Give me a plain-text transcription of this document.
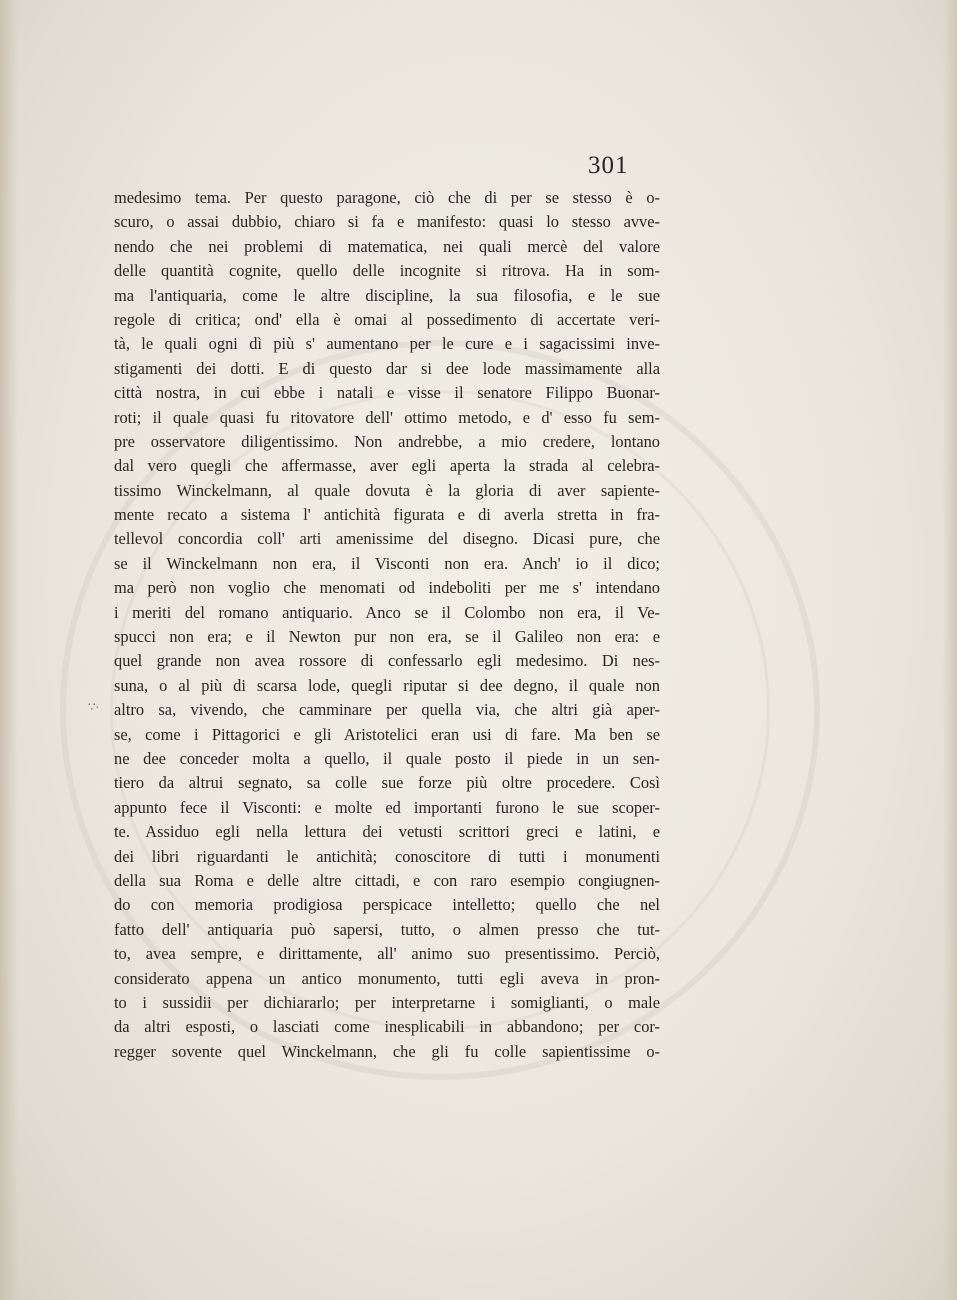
301
∵∙
medesimo tema. Per questo paragone, ciò che di per se stesso è o-
scuro, o assai dubbio, chiaro si fa e manifesto: quasi lo stesso avve-
nendo che nei problemi di matematica, nei quali mercè del valore
delle quantità cognite, quello delle incognite si ritrova. Ha in som-
ma l'antiquaria, come le altre discipline, la sua filosofia, e le sue
regole di critica; ond' ella è omai al possedimento di accertate veri-
tà, le quali ogni dì più s' aumentano per le cure e i sagacissimi inve-
stigamenti dei dotti. E di questo dar si dee lode massimamente alla
città nostra, in cui ebbe i natali e visse il senatore Filippo Buonar-
roti; il quale quasi fu ritovatore dell' ottimo metodo, e d' esso fu sem-
pre osservatore diligentissimo. Non andrebbe, a mio credere, lontano
dal vero quegli che affermasse, aver egli aperta la strada al celebra-
tissimo Winckelmann, al quale dovuta è la gloria di aver sapiente-
mente recato a sistema l' antichità figurata e di averla stretta in fra-
tellevol concordia coll' arti amenissime del disegno. Dicasi pure, che
se il Winckelmann non era, il Visconti non era. Anch' io il dico;
ma però non voglio che menomati od indeboliti per me s' intendano
i meriti del romano antiquario. Anco se il Colombo non era, il Ve-
spucci non era; e il Newton pur non era, se il Galileo non era: e
quel grande non avea rossore di confessarlo egli medesimo. Di nes-
suna, o al più di scarsa lode, quegli riputar si dee degno, il quale non
altro sa, vivendo, che camminare per quella via, che altri già aper-
se, come i Pittagorici e gli Aristotelici eran usi di fare. Ma ben se
ne dee conceder molta a quello, il quale posto il piede in un sen-
tiero da altrui segnato, sa colle sue forze più oltre procedere. Così
appunto fece il Visconti: e molte ed importanti furono le sue scoper-
te. Assiduo egli nella lettura dei vetusti scrittori greci e latini, e
dei libri riguardanti le antichità; conoscitore di tutti i monumenti
della sua Roma e delle altre cittadi, e con raro esempio congiugnen-
do con memoria prodigiosa perspicace intelletto; quello che nel
fatto dell' antiquaria può sapersi, tutto, o almen presso che tut-
to, avea sempre, e dirittamente, all' animo suo presentissimo. Perciò,
considerato appena un antico monumento, tutti egli aveva in pron-
to i sussidii per dichiararlo; per interpretarne i somiglianti, o male
da altri esposti, o lasciati come inesplicabili in abbandono; per cor-
regger sovente quel Winckelmann, che gli fu colle sapientissime o-
